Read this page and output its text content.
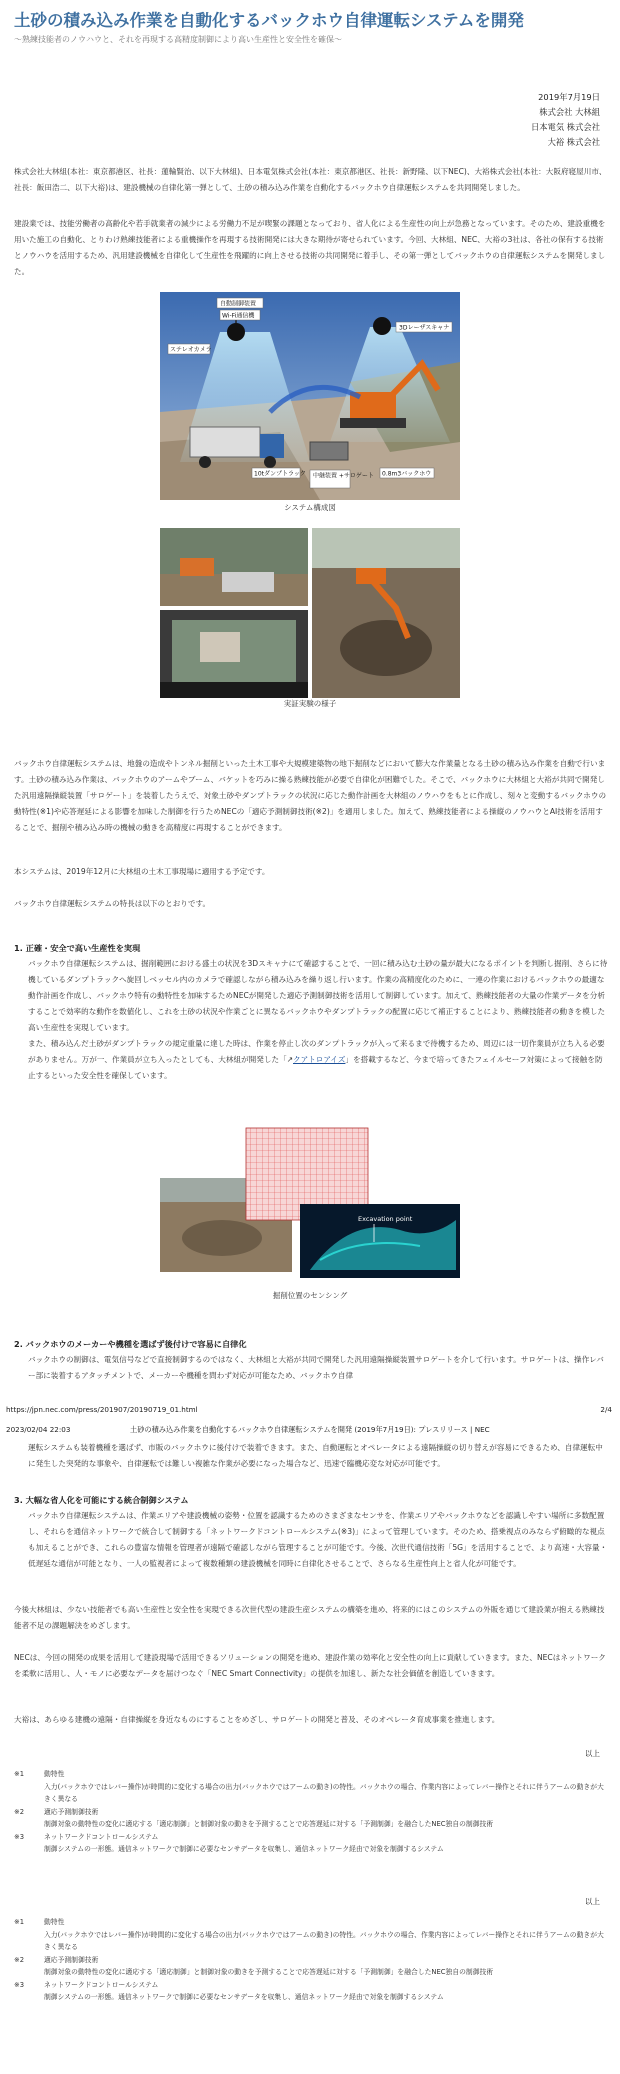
土砂の積み込み作業を自動化するバックホウ自律運転システムを開発
〜熟練技能者のノウハウと、それを再現する高精度制御により高い生産性と安全性を確保〜
2019年7月19日
株式会社 大林組
日本電気 株式会社
大裕 株式会社

株式会社大林組(本社：東京都港区、社長：蓮輪賢治、以下大林組)、日本電気株式会社(本社：東京都港区、社長：新野隆、以下NEC)、大裕株式会社(本社：大阪府寝屋川市、社長：飯田浩二、以下大裕)は、建設機械の自律化第一弾として、土砂の積み込み作業を自動化するバックホウ自律運転システムを共同開発しました。

建設業では、技能労働者の高齢化や若手就業者の減少による労働力不足が喫緊の課題となっており、省人化による生産性の向上が急務となっています。そのため、建設重機を用いた施工の自動化、とりわけ熟練技能者による重機操作を再現する技術開発には大きな期待が寄せられています。今回、大林組、NEC、大裕の3社は、各社の保有する技術とノウハウを活用するため、汎用建設機械を自律化して生産性を飛躍的に向上させる技術の共同開発に着手し、その第一弾としてバックホウの自律運転システムを開発しました。

自動制御装置
Wi-Fi通信機
ステレオカメラ
3Dレーザスキャナ
10tダンプトラック 中継装置 +サロゲート 0.8m3バックホウ
システム構成図
実証実験の様子

バックホウ自律運転システムは、地盤の造成やトンネル掘削といった土木工事や大規模建築物の地下掘削などにおいて膨大な作業量となる土砂の積み込み作業を自動で行います。土砂の積み込み作業は、バックホウのアームやブーム、バケットを巧みに操る熟練技能が必要で自律化が困難でした。そこで、バックホウに大林組と大裕が共同で開発した汎用遠隔操縦装置「サロゲート」を装着したうえで、対象土砂やダンプトラックの状況に応じた動作計画を大林組のノウハウをもとに作成し、刻々と変動するバックホウの動特性(※1)や応答遅延による影響を加味した制御を行うためNECの「適応予測制御技術(※2)」を適用しました。加えて、熟練技能者による操縦のノウハウとAI技術を活用することで、掘削や積み込み時の機械の動きを高精度に再現することができます。

本システムは、2019年12月に大林組の土木工事現場に適用する予定です。

バックホウ自律運転システムの特長は以下のとおりです。

1. 正確・安全で高い生産性を実現
バックホウ自律運転システムは、掘削範囲における盛土の状況を3Dスキャナにて確認することで、一回に積み込む土砂の量が最大になるポイントを判断し掘削、さらに待機しているダンプトラックへ旋回しベッセル内のカメラで確認しながら積み込みを繰り返し行います。作業の高精度化のために、一連の作業におけるバックホウの最適な動作計画を作成し、バックホウ特有の動特性を加味するためNECが開発した適応予測制御技術を活用して制御しています。加えて、熟練技能者の大量の作業データを分析することで効率的な動作を数値化し、これを土砂の状況や作業ごとに異なるバックホウやダンプトラックの配置に応じて補正することにより、熟練技能者の動きを模した高い生産性を実現しています。
また、積み込んだ土砂がダンプトラックの規定重量に達した時は、作業を停止し次のダンプトラックが入って来るまで待機するため、周辺には一切作業員が立ち入る必要がありません。万が一、作業員が立ち入ったとしても、大林組が開発した「↗クアトロアイズ」を搭載するなど、今まで培ってきたフェイルセーフ対策によって接触を防止するといった安全性を確保しています。
Excavation point
掘削位置のセンシング
2. バックホウのメーカーや機種を選ばず後付けで容易に自律化
バックホウの制御は、電気信号などで直接制御するのではなく、大林組と大裕が共同で開発した汎用遠隔操縦装置サロゲートを介して行います。サロゲートは、操作レバー部に装着するアタッチメントで、メーカーや機種を問わず対応が可能なため、バックホウ自律
https://jpn.nec.com/press/201907/20190719_01.html	2/4
2023/02/04 22:03	土砂の積み込み作業を自動化するバックホウ自律運転システムを開発 (2019年7月19日): プレスリリース | NEC
運転システムも装着機種を選ばず、市販のバックホウに後付けで装着できます。また、自動運転とオペレータによる遠隔操縦の切り替えが容易にできるため、自律運転中に発生した突発的な事象や、自律運転では難しい複雑な作業が必要になった場合など、迅速で臨機応変な対応が可能です。
3. 大幅な省人化を可能にする統合制御システム
バックホウ自律運転システムは、作業エリアや建設機械の姿勢・位置を認識するためのさまざまなセンサを、作業エリアやバックホウなどを認識しやすい場所に多数配置し、それらを通信ネットワークで統合して制御する「ネットワークドコントロールシステム(※3)」によって管理しています。そのため、搭乗視点のみならず俯瞰的な視点も加えることができ、これらの豊富な情報を管理者が遠隔で確認しながら管理することが可能です。今後、次世代通信技術「5G」を活用することで、より高速・大容量・低遅延な通信が可能となり、一人の監視者によって複数種類の建設機械を同時に自律化させることで、さらなる生産性向上と省人化が可能です。

今後大林組は、少ない技能者でも高い生産性と安全性を実現できる次世代型の建設生産システムの構築を進め、将来的にはこのシステムの外販を通じて建設業が抱える熟練技能者不足の課題解決をめざします。

NECは、今回の開発の成果を活用して建設現場で活用できるソリューションの開発を進め、建設作業の効率化と安全性の向上に貢献していきます。また、NECはネットワークを柔軟に活用し、人・モノに必要なデータを届けつなぐ「NEC Smart Connectivity」の提供を加速し、新たな社会価値を創造していきます。

大裕は、あらゆる建機の遠隔・自律操縦を身近なものにすることをめざし、サロゲートの開発と普及、そのオペレータ育成事業を推進します。

以上
※1	動特性
入力(バックホウではレバー操作)が時間的に変化する場合の出力(バックホウではアームの動き)の特性。バックホウの場合、作業内容によってレバー操作とそれに伴うアームの動きが大きく異なる
※2	適応予測制御技術
制御対象の動特性の変化に適応する「適応制御」と制御対象の動きを予測することで応答遅延に対する「予測制御」を融合したNEC独自の制御技術
※3	ネットワークドコントロールシステム
制御システムの一形態。通信ネットワークで制御に必要なセンサデータを収集し、通信ネットワーク経由で対象を制御するシステム
以上
※1	動特性
入力(バックホウではレバー操作)が時間的に変化する場合の出力(バックホウではアームの動き)の特性。バックホウの場合、作業内容によってレバー操作とそれに伴うアームの動きが大きく異なる
※2	適応予測制御技術
制御対象の動特性の変化に適応する「適応制御」と制御対象の動きを予測することで応答遅延に対する「予測制御」を融合したNEC独自の制御技術
※3	ネットワークドコントロールシステム
制御システムの一形態。通信ネットワークで制御に必要なセンサデータを収集し、通信ネットワーク経由で対象を制御するシステム
